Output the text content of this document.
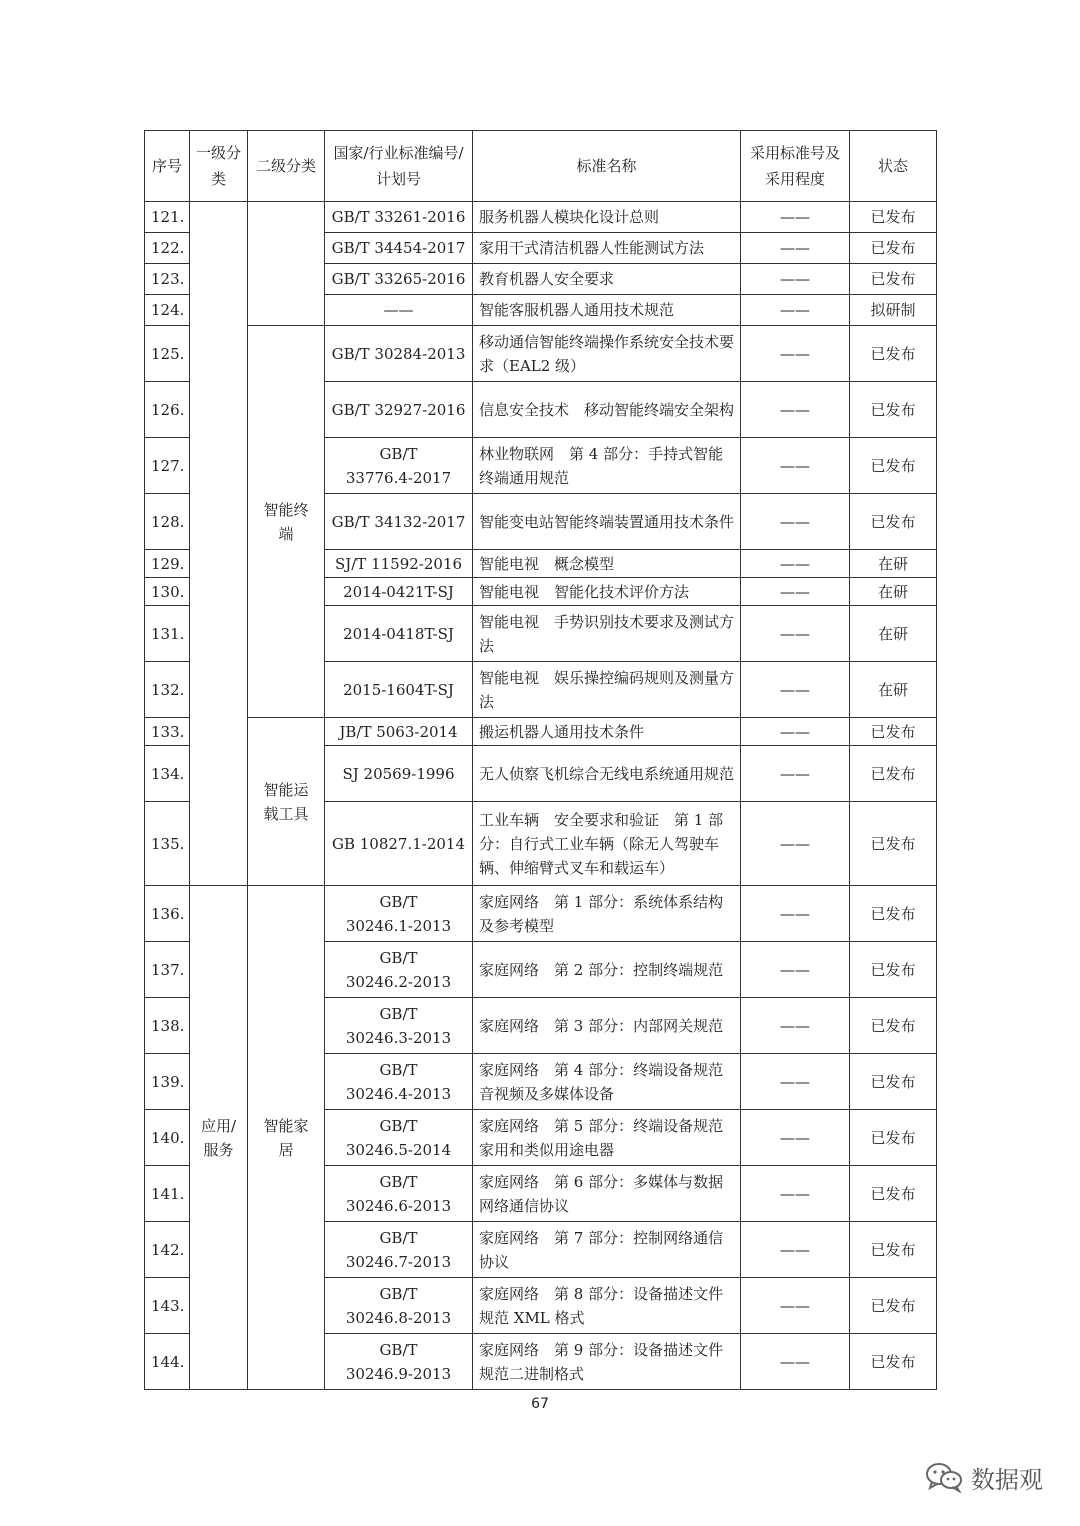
序号	一级分类	二级分类	国家/行业标准编号/计划号	标准名称	采用标准号及采用程度	状态
121.			GB/T 33261-2016	服务机器人模块化设计总则	——	已发布
122.			GB/T 34454-2017	家用干式清洁机器人性能测试方法	——	已发布
123.			GB/T 33265-2016	教育机器人安全要求	——	已发布
124.			——	智能客服机器人通用技术规范	——	拟研制
125.		智能终端	GB/T 30284-2013	移动通信智能终端操作系统安全技术要求（EAL2 级）	——	已发布
126.			GB/T 32927-2016	信息安全技术　移动智能终端安全架构	——	已发布
127.			GB/T 33776.4-2017	林业物联网　第 4 部分：手持式智能终端通用规范	——	已发布
128.			GB/T 34132-2017	智能变电站智能终端装置通用技术条件	——	已发布
129.			SJ/T 11592-2016	智能电视　概念模型	——	在研
130.			2014-0421T-SJ	智能电视　智能化技术评价方法	——	在研
131.			2014-0418T-SJ	智能电视　手势识别技术要求及测试方法	——	在研
132.			2015-1604T-SJ	智能电视　娱乐操控编码规则及测量方法	——	在研
133.		智能运载工具	JB/T 5063-2014	搬运机器人通用技术条件	——	已发布
134.			SJ 20569-1996	无人侦察飞机综合无线电系统通用规范	——	已发布
135.			GB 10827.1-2014	工业车辆　安全要求和验证　第 1 部分：自行式工业车辆（除无人驾驶车辆、伸缩臂式叉车和载运车）	——	已发布
136.	应用/服务	智能家居	GB/T 30246.1-2013	家庭网络　第 1 部分：系统体系结构及参考模型	——	已发布
137.			GB/T 30246.2-2013	家庭网络　第 2 部分：控制终端规范	——	已发布
138.			GB/T 30246.3-2013	家庭网络　第 3 部分：内部网关规范	——	已发布
139.			GB/T 30246.4-2013	家庭网络　第 4 部分：终端设备规范音视频及多媒体设备	——	已发布
140.			GB/T 30246.5-2014	家庭网络　第 5 部分：终端设备规范家用和类似用途电器	——	已发布
141.			GB/T 30246.6-2013	家庭网络　第 6 部分：多媒体与数据网络通信协议	——	已发布
142.			GB/T 30246.7-2013	家庭网络　第 7 部分：控制网络通信协议	——	已发布
143.			GB/T 30246.8-2013	家庭网络　第 8 部分：设备描述文件规范 XML 格式	——	已发布
144.			GB/T 30246.9-2013	家庭网络　第 9 部分：设备描述文件规范二进制格式	——	已发布
67
数据观
